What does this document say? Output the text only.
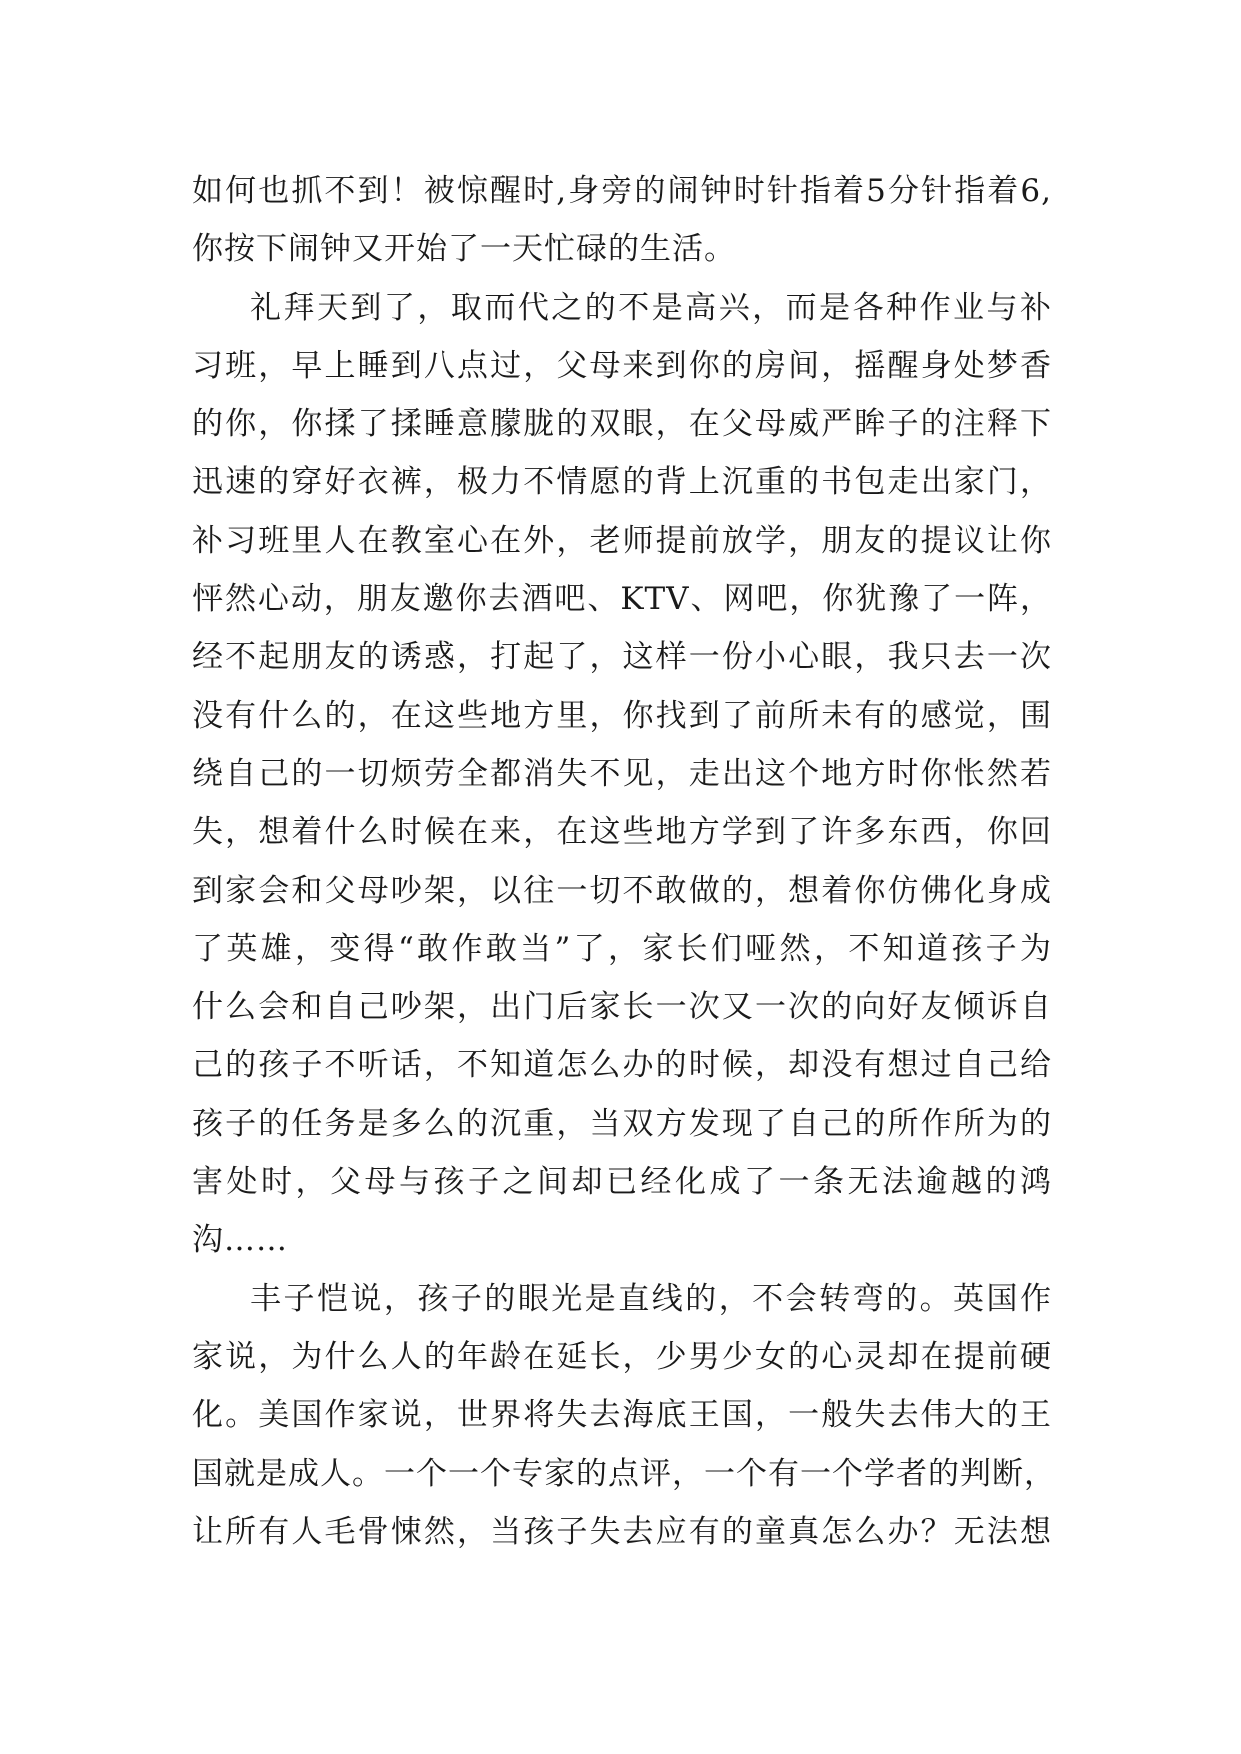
如何也抓不到！被惊醒时,身旁的闹钟时针指着5分针指着6,
你按下闹钟又开始了一天忙碌的生活。
礼拜天到了，取而代之的不是高兴，而是各种作业与补
习班，早上睡到八点过，父母来到你的房间，摇醒身处梦香
的你，你揉了揉睡意朦胧的双眼，在父母威严眸子的注释下
迅速的穿好衣裤，极力不情愿的背上沉重的书包走出家门，
补习班里人在教室心在外，老师提前放学，朋友的提议让你
怦然心动，朋友邀你去酒吧、KTV、网吧，你犹豫了一阵，
经不起朋友的诱惑，打起了，这样一份小心眼，我只去一次
没有什么的，在这些地方里，你找到了前所未有的感觉，围
绕自己的一切烦劳全都消失不见，走出这个地方时你怅然若
失，想着什么时候在来，在这些地方学到了许多东西，你回
到家会和父母吵架，以往一切不敢做的，想着你仿佛化身成
了英雄，变得“敢作敢当”了，家长们哑然，不知道孩子为
什么会和自己吵架，出门后家长一次又一次的向好友倾诉自
己的孩子不听话，不知道怎么办的时候，却没有想过自己给
孩子的任务是多么的沉重，当双方发现了自己的所作所为的
害处时，父母与孩子之间却已经化成了一条无法逾越的鸿
沟……
丰子恺说，孩子的眼光是直线的，不会转弯的。英国作
家说，为什么人的年龄在延长，少男少女的心灵却在提前硬
化。美国作家说，世界将失去海底王国，一般失去伟大的王
国就是成人。一个一个专家的点评，一个有一个学者的判断，
让所有人毛骨悚然，当孩子失去应有的童真怎么办？无法想
